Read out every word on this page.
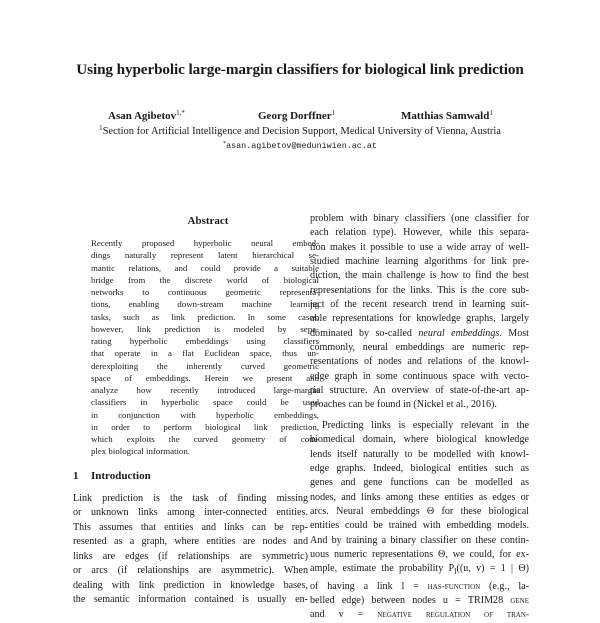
Using hyperbolic large-margin classifiers for biological link prediction
Asan Agibetov$^{1,*}$	Georg Dorffner$^1$	Matthias Samwald$^1$
$^1$Section for Artificial Intelligence and Decision Support, Medical University of Vienna, Austria
*asan.agibetov@meduniwien.ac.at
Abstract
Recently proposed hyperbolic neural embed-
dings naturally represent latent hierarchical se-
mantic relations, and could provide a suitable
bridge from the discrete world of biological
networks to continuous geometric representa-
tions, enabling down-stream machine learning
tasks, such as link prediction. In some cases,
however, link prediction is modeled by sepa-
rating hyperbolic embeddings using classifiers
that operate in a flat Euclidean space, thus un-
derexploiting the inherently curved geometric
space of embeddings. Herein we present and
analyze how recently introduced large-margin
classifiers in hyperbolic space could be used
in conjunction with hyperbolic embeddings,
in order to perform biological link prediction,
which exploits the curved geometry of com-
plex biological information.
1 Introduction
Link prediction is the task of finding missing
or unknown links among inter-connected entities.
This assumes that entities and links can be rep-
resented as a graph, where entities are nodes and
links are edges (if relationships are symmetric)
or arcs (if relationships are asymmetric). When
dealing with link prediction in knowledge bases,
the semantic information contained is usually en-
problem with binary classifiers (one classifier for
each relation type). However, while this separa-
tion makes it possible to use a wide array of well-
studied machine learning algorithms for link pre-
diction, the main challenge is how to find the best
representations for the links. This is the core sub-
ject of the recent research trend in learning suit-
able representations for knowledge graphs, largely
dominated by so-called neural embeddings. Most
commonly, neural embeddings are numeric rep-
resentations of nodes and relations of the knowl-
edge graph in some continuous space with vecto-
rial structure. An overview of state-of-the-art ap-
proaches can be found in (Nickel et al., 2016).
Predicting links is especially relevant in the
biomedical domain, where biological knowledge
lends itself naturally to be modelled with knowl-
edge graphs. Indeed, biological entities such as
genes and gene functions can be modelled as
nodes, and links among these entities as edges or
arcs. Neural embeddings Θ for these biological
entities could be trained with embedding models.
And by training a binary classifier on these contin-
uous numeric representations Θ, we could, for ex-
ample, estimate the probability $P_l((u$, v) = 1 | Θ)
of having a link l = has-function (e.g., la-
belled edge) between nodes u = TRIM28 gene
and v = negative regulation of tran-
